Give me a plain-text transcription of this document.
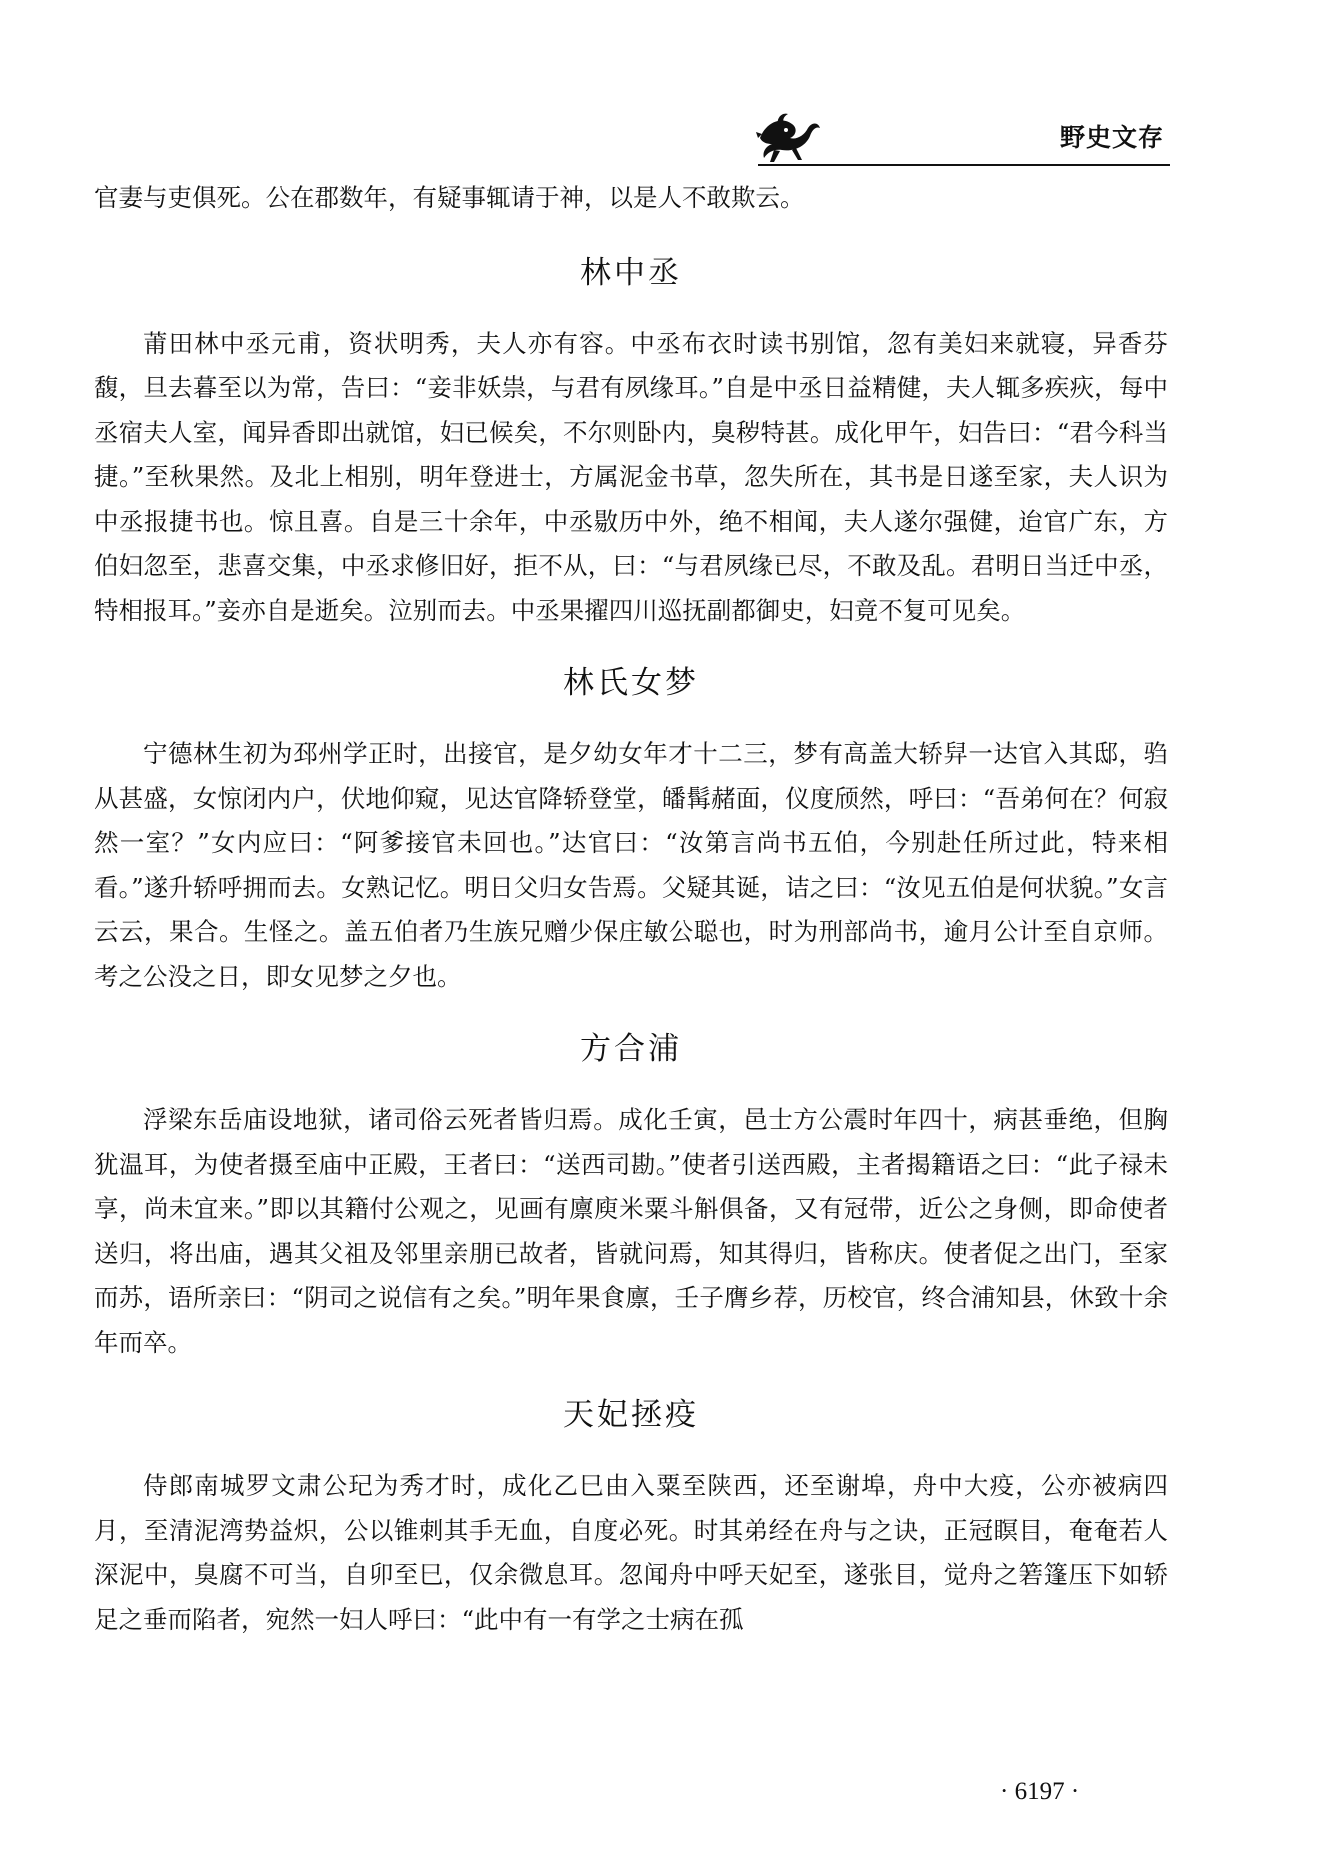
野史文存

官妻与吏俱死。公在郡数年，有疑事辄请于神，以是人不敢欺云。

林中丞

莆田林中丞元甫，资状明秀，夫人亦有容。中丞布衣时读书别馆，忽有美妇来就寝，异香芬馥，旦去暮至以为常，告曰：“妾非妖祟，与君有夙缘耳。”自是中丞日益精健，夫人辄多疾疢，每中丞宿夫人室，闻异香即出就馆，妇已候矣，不尔则卧内，臭秽特甚。成化甲午，妇告曰：“君今科当捷。”至秋果然。及北上相别，明年登进士，方属泥金书草，忽失所在，其书是日遂至家，夫人识为中丞报捷书也。惊且喜。自是三十余年，中丞敭历中外，绝不相闻，夫人遂尔强健，迨官广东，方伯妇忽至，悲喜交集，中丞求修旧好，拒不从，曰：“与君夙缘已尽，不敢及乱。君明日当迁中丞，特相报耳。”妾亦自是逝矣。泣别而去。中丞果擢四川巡抚副都御史，妇竟不复可见矣。

林氏女梦

宁德林生初为邳州学正时，出接官，是夕幼女年才十二三，梦有高盖大轿舁一达官入其邸，驺从甚盛，女惊闭内户，伏地仰窥，见达官降轿登堂，皤髯赭面，仪度颀然，呼曰：“吾弟何在？何寂然一室？”女内应曰：“阿爹接官未回也。”达官曰：“汝第言尚书五伯，今别赴任所过此，特来相看。”遂升轿呼拥而去。女熟记忆。明日父归女告焉。父疑其诞，诘之曰：“汝见五伯是何状貌。”女言云云，果合。生怪之。盖五伯者乃生族兄赠少保庄敏公聪也，时为刑部尚书，逾月公计至自京师。考之公没之日，即女见梦之夕也。

方合浦

浮梁东岳庙设地狱，诸司俗云死者皆归焉。成化壬寅，邑士方公震时年四十，病甚垂绝，但胸犹温耳，为使者摄至庙中正殿，王者曰：“送西司勘。”使者引送西殿，主者揭籍语之曰：“此子禄未享，尚未宜来。”即以其籍付公观之，见画有廪庾米粟斗斛俱备，又有冠带，近公之身侧，即命使者送归，将出庙，遇其父祖及邻里亲朋已故者，皆就问焉，知其得归，皆称庆。使者促之出门，至家而苏，语所亲曰：“阴司之说信有之矣。”明年果食廪，壬子膺乡荐，历校官，终合浦知县，休致十余年而卒。

天妃拯疫

侍郎南城罗文肃公玘为秀才时，成化乙巳由入粟至陕西，还至谢埠，舟中大疫，公亦被病四月，至清泥湾势益炽，公以锥刺其手无血，自度必死。时其弟经在舟与之诀，正冠瞑目，奄奄若人深泥中，臭腐不可当，自卯至巳，仅余微息耳。忽闻舟中呼天妃至，遂张目，觉舟之箬篷压下如轿足之垂而陷者，宛然一妇人呼曰：“此中有一有学之士病在孤

· 6197 ·
